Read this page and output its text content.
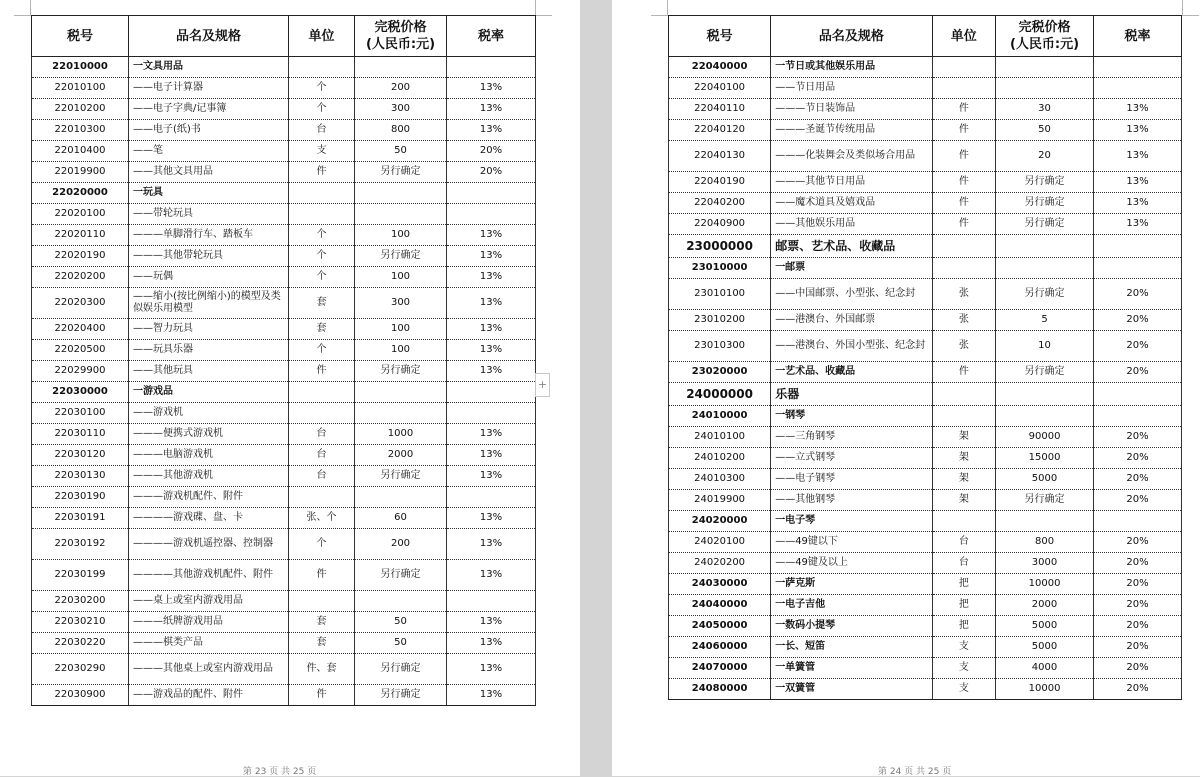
税号	品名及规格	单位	完税价格
(人民币:元)	税率
22010000	一文具用品			
22010100	——电子计算器	个	200	13%
22010200	——电子字典/记事簿	个	300	13%
22010300	——电子(纸)书	台	800	13%
22010400	——笔	支	50	20%
22019900	——其他文具用品	件	另行确定	20%
22020000	一玩具			
22020100	——带轮玩具			
22020110	———单脚滑行车、踏板车	个	100	13%
22020190	———其他带轮玩具	个	另行确定	13%
22020200	——玩偶	个	100	13%
22020300	——缩小(按比例缩小)的模型及类似娱乐用模型	套	300	13%
22020400	——智力玩具	套	100	13%
22020500	——玩具乐器	个	100	13%
22029900	——其他玩具	件	另行确定	13%
22030000	一游戏品			
22030100	——游戏机			
22030110	———便携式游戏机	台	1000	13%
22030120	———电脑游戏机	台	2000	13%
22030130	———其他游戏机	台	另行确定	13%
22030190	———游戏机配件、附件			
22030191	————游戏碟、盘、卡	张、个	60	13%
22030192	————游戏机遥控器、控制器	个	200	13%
22030199	————其他游戏机配件、附件	件	另行确定	13%
22030200	——桌上或室内游戏用品			
22030210	———纸牌游戏用品	套	50	13%
22030220	———棋类产品	套	50	13%
22030290	———其他桌上或室内游戏用品	件、套	另行确定	13%
22030900	——游戏品的配件、附件	件	另行确定	13%
+
第 23 页 共 25 页
税号	品名及规格	单位	完税价格
(人民币:元)	税率
22040000	一节日或其他娱乐用品			
22040100	——节日用品			
22040110	———节日装饰品	件	30	13%
22040120	———圣诞节传统用品	件	50	13%
22040130	———化装舞会及类似场合用品	件	20	13%
22040190	———其他节日用品	件	另行确定	13%
22040200	——魔术道具及嬉戏品	件	另行确定	13%
22040900	——其他娱乐用品	件	另行确定	13%
23000000	邮票、艺术品、收藏品			
23010000	一邮票			
23010100	——中国邮票、小型张、纪念封	张	另行确定	20%
23010200	——港澳台、外国邮票	张	5	20%
23010300	——港澳台、外国小型张、纪念封	张	10	20%
23020000	一艺术品、收藏品	件	另行确定	20%
24000000	乐器			
24010000	一钢琴			
24010100	——三角钢琴	架	90000	20%
24010200	——立式钢琴	架	15000	20%
24010300	——电子钢琴	架	5000	20%
24019900	——其他钢琴	架	另行确定	20%
24020000	一电子琴			
24020100	——49键以下	台	800	20%
24020200	——49键及以上	台	3000	20%
24030000	一萨克斯	把	10000	20%
24040000	一电子吉他	把	2000	20%
24050000	一数码小提琴	把	5000	20%
24060000	一长、短笛	支	5000	20%
24070000	一单簧管	支	4000	20%
24080000	一双簧管	支	10000	20%
第 24 页 共 25 页
